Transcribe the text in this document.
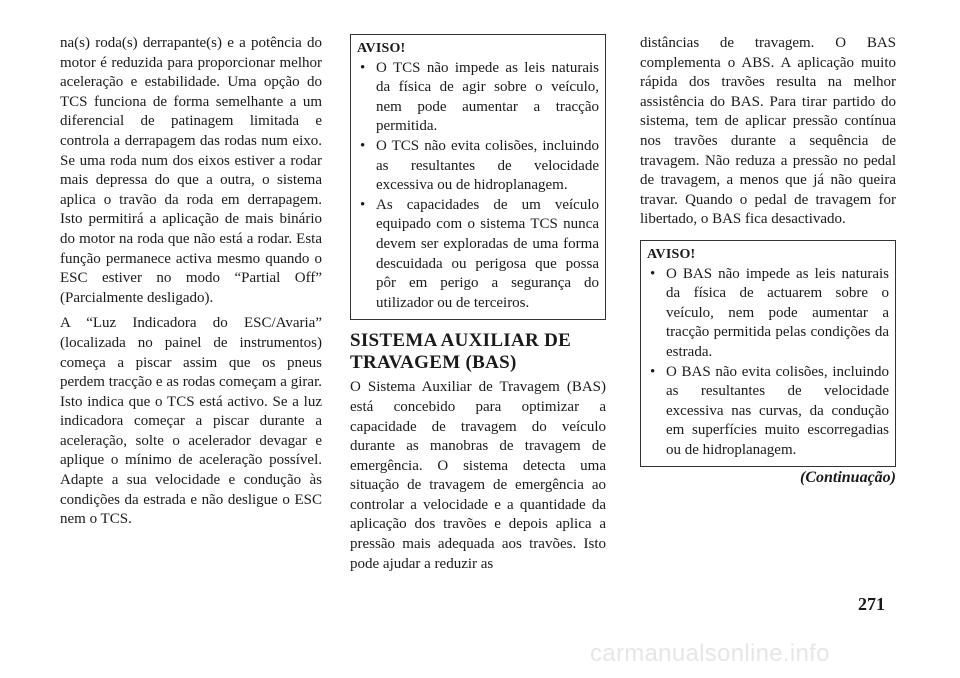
na(s) roda(s) derrapante(s) e a potência do motor é reduzida para proporcionar melhor aceleração e estabilidade. Uma opção do TCS funciona de forma semelhante a um diferencial de patinagem limitada e controla a derrapagem das rodas num eixo. Se uma roda num dos eixos estiver a rodar mais depressa do que a outra, o sistema aplica o travão da roda em derrapagem. Isto permitirá a aplicação de mais binário do motor na roda que não está a rodar. Esta função permanece activa mesmo quando o ESC estiver no modo “Partial Off” (Parcialmente desligado).

A “Luz Indicadora do ESC/Avaria” (localizada no painel de instrumentos) começa a piscar assim que os pneus perdem tracção e as rodas começam a girar. Isto indica que o TCS está activo. Se a luz indicadora começar a piscar durante a aceleração, solte o acelerador devagar e aplique o mínimo de aceleração possível. Adapte a sua velocidade e condução às condições da estrada e não desligue o ESC nem o TCS.

AVISO!
• O TCS não impede as leis naturais da física de agir sobre o veículo, nem pode aumentar a tracção permitida.
• O TCS não evita colisões, incluindo as resultantes de velocidade excessiva ou de hidroplanagem.
• As capacidades de um veículo equipado com o sistema TCS nunca devem ser exploradas de uma forma descuidada ou perigosa que possa pôr em perigo a segurança do utilizador ou de terceiros.
SISTEMA AUXILIAR DE TRAVAGEM (BAS)

O Sistema Auxiliar de Travagem (BAS) está concebido para optimizar a capacidade de travagem do veículo durante as manobras de travagem de emergência. O sistema detecta uma situação de travagem de emergência ao controlar a velocidade e a quantidade da aplicação dos travões e depois aplica a pressão mais adequada aos travões. Isto pode ajudar a reduzir as

distâncias de travagem. O BAS complementa o ABS. A aplicação muito rápida dos travões resulta na melhor assistência do BAS. Para tirar partido do sistema, tem de aplicar pressão contínua nos travões durante a sequência de travagem. Não reduza a pressão no pedal de travagem, a menos que já não queira travar. Quando o pedal de travagem for libertado, o BAS fica desactivado.

AVISO!
• O BAS não impede as leis naturais da física de actuarem sobre o veículo, nem pode aumentar a tracção permitida pelas condições da estrada.
• O BAS não evita colisões, incluindo as resultantes de velocidade excessiva nas curvas, da condução em superfícies muito escorregadias ou de hidroplanagem.
(Continuação)
271
carmanualsonline.info
